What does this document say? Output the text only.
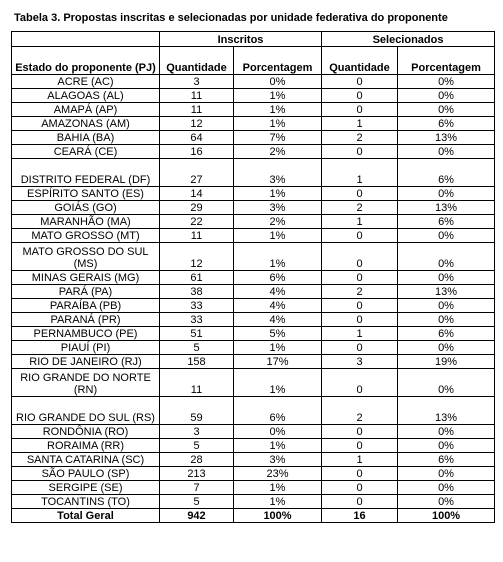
Tabela 3. Propostas inscritas e selecionadas por unidade federativa do proponente
	Inscritos		Selecionados	
Estado do proponente (PJ)	Quantidade	Porcentagem	Quantidade	Porcentagem
ACRE (AC)	3	0%	0	0%
ALAGOAS (AL)	11	1%	0	0%
AMAPÁ (AP)	11	1%	0	0%
AMAZONAS (AM)	12	1%	1	6%
BAHIA (BA)	64	7%	2	13%
CEARÁ (CE)	16	2%	0	0%
DISTRITO FEDERAL (DF)	27	3%	1	6%
ESPÍRITO SANTO (ES)	14	1%	0	0%
GOIÁS (GO)	29	3%	2	13%
MARANHÃO (MA)	22	2%	1	6%
MATO GROSSO (MT)	11	1%	0	0%
MATO GROSSO DO SUL (MS)	12	1%	0	0%
MINAS GERAIS (MG)	61	6%	0	0%
PARÁ (PA)	38	4%	2	13%
PARAÍBA (PB)	33	4%	0	0%
PARANÁ (PR)	33	4%	0	0%
PERNAMBUCO (PE)	51	5%	1	6%
PIAUÍ (PI)	5	1%	0	0%
RIO DE JANEIRO (RJ)	158	17%	3	19%
RIO GRANDE DO NORTE (RN)	11	1%	0	0%
RIO GRANDE DO SUL (RS)	59	6%	2	13%
RONDÔNIA (RO)	3	0%	0	0%
RORAIMA (RR)	5	1%	0	0%
SANTA CATARINA (SC)	28	3%	1	6%
SÃO PAULO (SP)	213	23%	0	0%
SERGIPE (SE)	7	1%	0	0%
TOCANTINS (TO)	5	1%	0	0%
Total Geral	942	100%	16	100%
